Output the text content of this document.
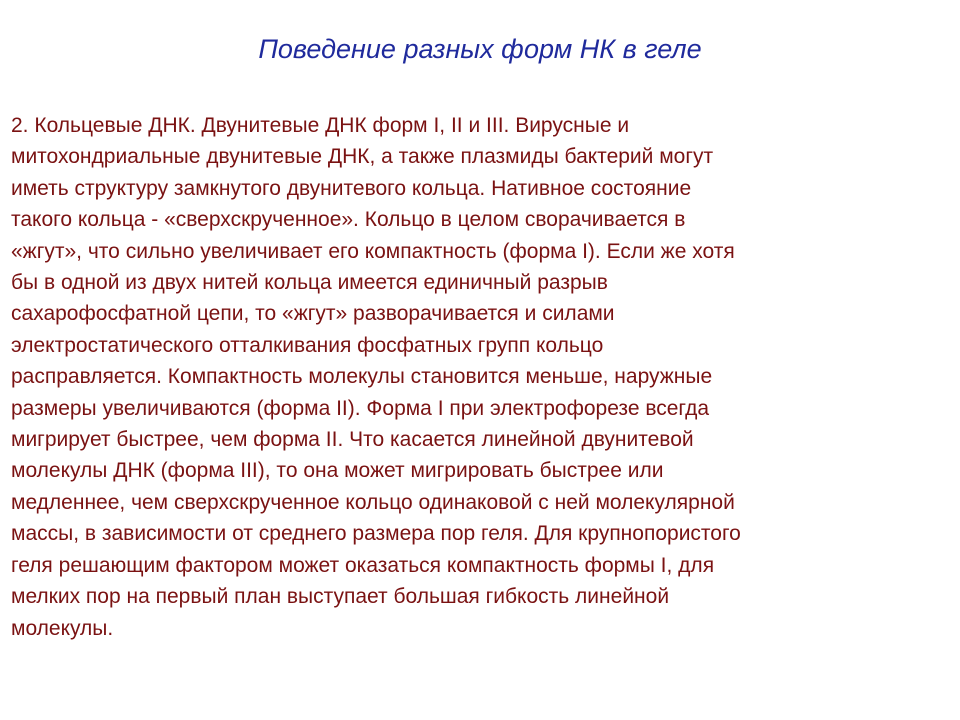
Поведение разных форм НК в геле
2. Кольцевые ДНК. Двунитевые ДНК форм I, II и III. Вирусные и
митохондриальные двунитевые ДНК, а также плазмиды бактерий могут
иметь структуру замкнутого двунитевого кольца. Нативное состояние
такого кольца - «сверхскрученное». Кольцо в целом сворачивается в
«жгут», что сильно увеличивает его компактность (форма I). Если же хотя
бы в одной из двух нитей кольца имеется единичный разрыв
сахарофосфатной цепи, то «жгут» разворачивается и силами
электростатического отталкивания фосфатных групп кольцо
расправляется. Компактность молекулы становится меньше, наружные
размеры увеличиваются (форма II). Форма I при электрофорезе всегда
мигрирует быстрее, чем форма II. Что касается линейной двунитевой
молекулы ДНК (форма III), то она может мигрировать быстрее или
медленнее, чем сверхскрученное кольцо одинаковой с ней молекулярной
массы, в зависимости от среднего размера пор геля. Для крупнопористого
геля решающим фактором может оказаться компактность формы I, для
мелких пор на первый план выступает большая гибкость линейной
молекулы.
